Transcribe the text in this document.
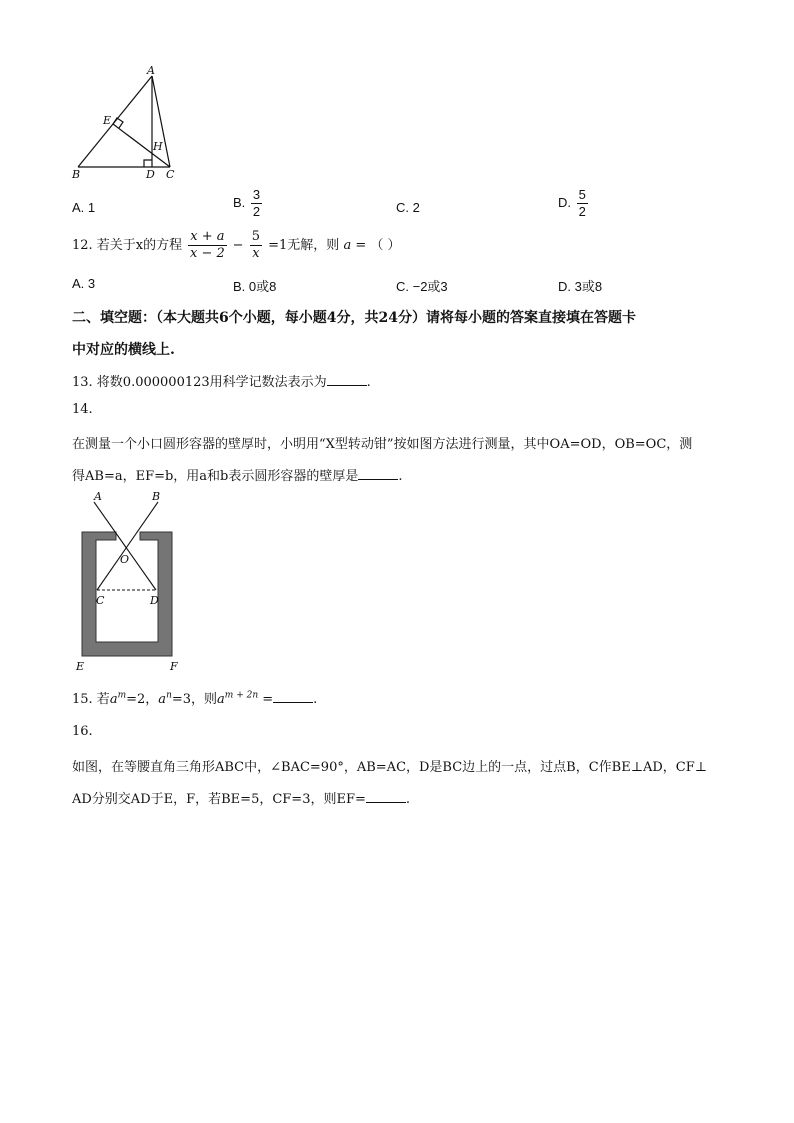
A
E
H
B	D C
A. 1	B. $\frac{3}{2}$	C. 2	D. $\frac{5}{2}$
12. 若关于x的方程 $\frac{x + a}{x - 2} - \frac{5}{x} =1$无解，则 a = （ ）
A. 3	B. 0或8	C. −2或3	D. 3或8
二、填空题：（本大题共6个小题，每小题4分，共24分）请将每小题的答案直接填在答题卡
中对应的横线上.
13. 将数0.000000123用科学记数法表示为	.
14.
在测量一个小口圆形容器的壁厚时，小明用“X型转动钳”按如图方法进行测量，其中OA=OD，OB=OC，测
得AB=a，EF=b，用a和b表示圆形容器的壁厚是	.
A	B
O
C	D
E	F
15. 若$a^m=2$，$a^n=3$，则$a^{m + 2n}$ =	.
16.
如图，在等腰直角三角形ABC中，∠BAC=90°，AB=AC，D是BC边上的一点，过点B，C作BE⊥AD，CF⊥
AD分别交AD于E，F，若BE=5，CF=3，则EF=	.
